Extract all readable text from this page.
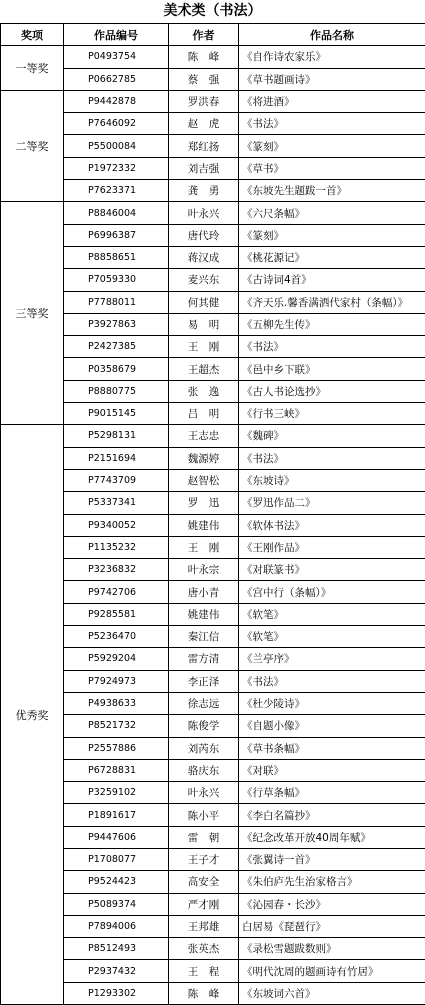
美术类（书法）
奖项	作品编号	作者	作品名称
一等奖	P0493754	陈　峰	《自作诗农家乐》
	P0662785	蔡　强	《草书题画诗》
二等奖	P9442878	罗洪春	《将进酒》
	P7646092	赵　虎	《书法》
	P5500084	郑红扬	《篆刻》
	P1972332	刘吉强	《草书》
	P7623371	龚　勇	《东坡先生题跋一首》
三等奖	P8846004	叶永兴	《六尺条幅》
	P6996387	唐代玲	《篆刻》
	P8858651	蒋汉成	《桃花源记》
	P7059330	麦兴东	《古诗词4首》
	P7788011	何其健	《齐天乐.馨香满洒代家村（条幅）》
	P3927863	易　明	《五柳先生传》
	P2427385	王　刚	《书法》
	P0358679	王超杰	《邑中乡下联》
	P8880775	张　逸	《古人书论选抄》
	P9015145	吕　明	《行书三峡》
优秀奖	P5298131	王志忠	《魏碑》
	P2151694	魏源婷	《书法》
	P7743709	赵智松	《东坡诗》
	P5337341	罗　迅	《罗迅作品二》
	P9340052	姚建伟	《软体书法》
	P1135232	王　刚	《王刚作品》
	P3236832	叶永宗	《对联篆书》
	P9742706	唐小青	《宫中行（条幅）》
	P9285581	姚建伟	《软笔》
	P5236470	秦江信	《软笔》
	P5929204	雷方清	《兰亭序》
	P7924973	李正泽	《书法》
	P4938633	徐志远	《杜少陵诗》
	P8521732	陈俊学	《自题小像》
	P2557886	刘芮东	《草书条幅》
	P6728831	骆庆东	《对联》
	P3259102	叶永兴	《行草条幅》
	P1891617	陈小平	《李白名篇抄》
	P9447606	雷　朝	《纪念改革开放40周年赋》
	P1708077	王子才	《张翼诗一首》
	P9524423	高安全	《朱伯庐先生治家格言》
	P5089374	严才刚	《沁园春・长沙》
	P7894006	王邦雄	白居易《琵琶行》
	P8512493	张英杰	《录松雪题跋数则》
	P2937432	王　程	《明代沈周的题画诗有竹居》
	P1293302	陈　峰	《东坡词六首》
